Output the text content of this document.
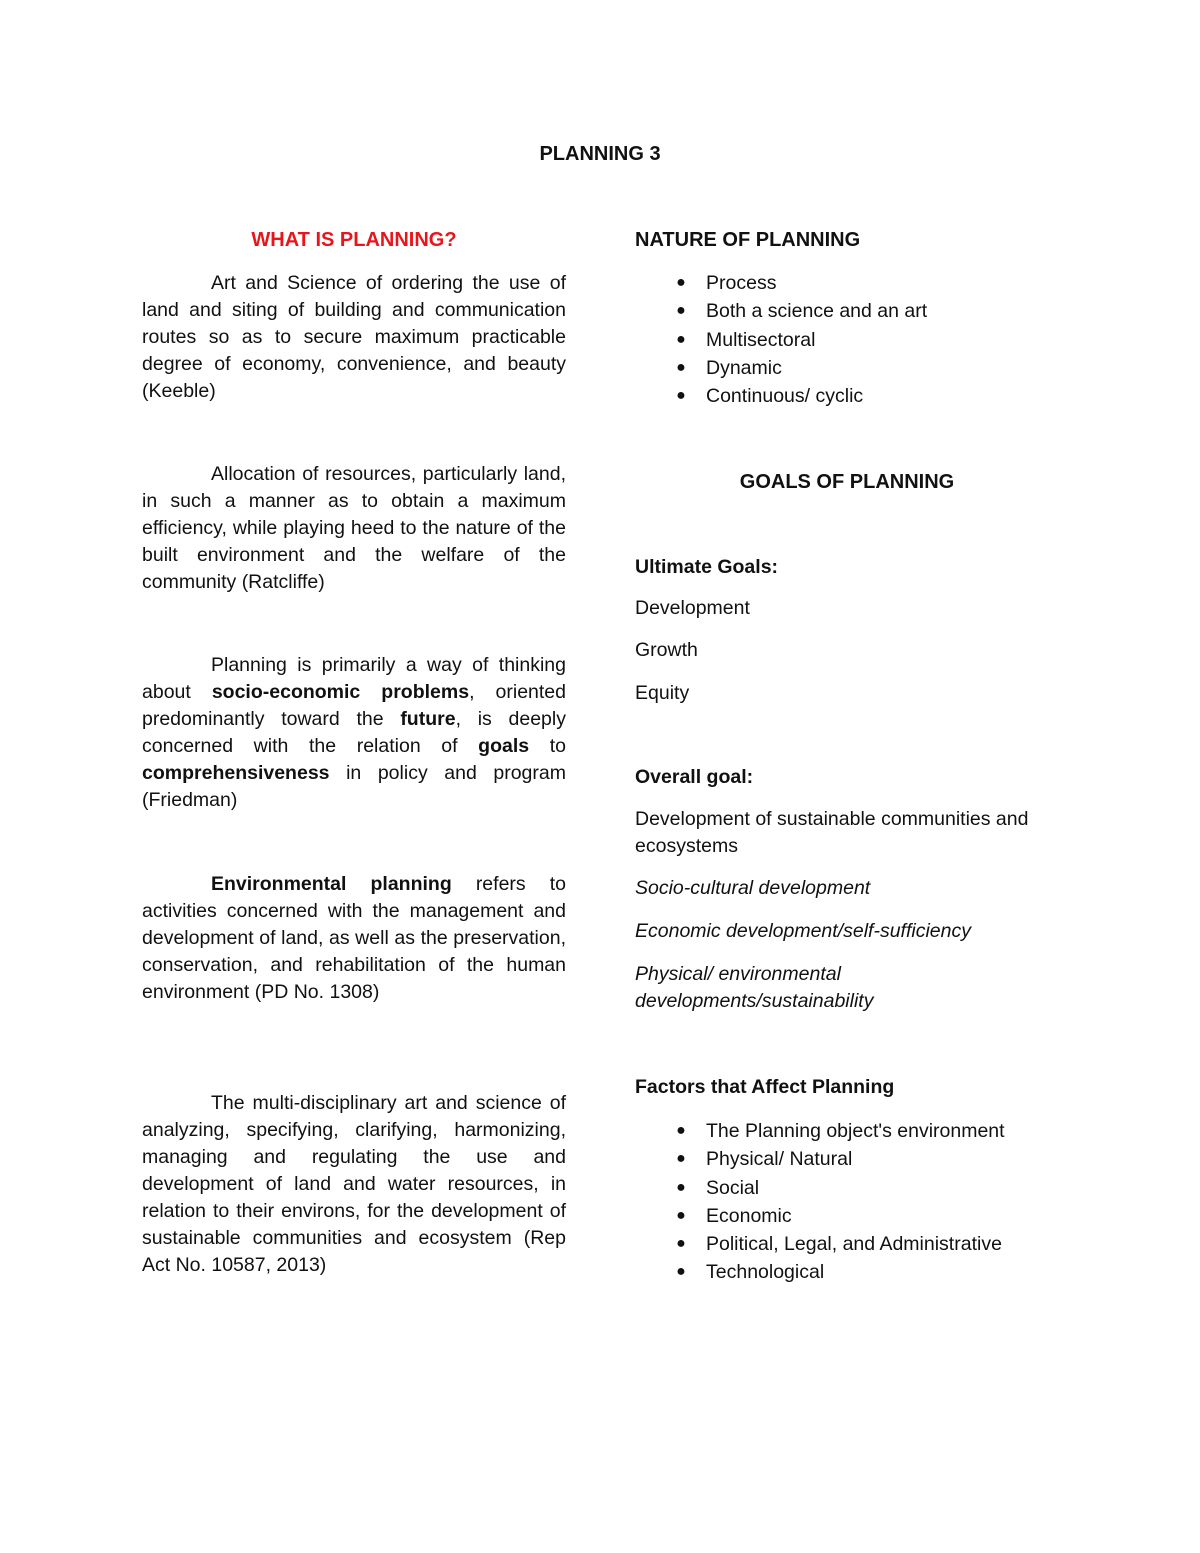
PLANNING 3
WHAT IS PLANNING?

Art and Science of ordering the use of land and siting of building and communication routes so as to secure maximum practicable degree of economy, convenience, and beauty (Keeble)

Allocation of resources, particularly land, in such a manner as to obtain a maximum efficiency, while playing heed to the nature of the built environment and the welfare of the community (Ratcliffe)

Planning is primarily a way of thinking about socio-economic problems, oriented predominantly toward the future, is deeply concerned with the relation of goals to comprehensiveness in policy and program (Friedman)

Environmental planning refers to activities concerned with the management and development of land, as well as the preservation, conservation, and rehabilitation of the human environment (PD No. 1308)

The multi-disciplinary art and science of analyzing, specifying, clarifying, harmonizing, managing and regulating the use and development of land and water resources, in relation to their environs, for the development of sustainable communities and ecosystem (Rep Act No. 10587, 2013)

NATURE OF PLANNING
● Process
● Both a science and an art
● Multisectoral
● Dynamic
● Continuous/ cyclic
GOALS OF PLANNING
Ultimate Goals:

Development

Growth

Equity

Overall goal:

Development of sustainable communities and ecosystems

Socio-cultural development

Economic development/self-sufficiency

Physical/ environmental developments/sustainability

Factors that Affect Planning
● The Planning object's environment
● Physical/ Natural
● Social
● Economic
● Political, Legal, and Administrative
● Technological
